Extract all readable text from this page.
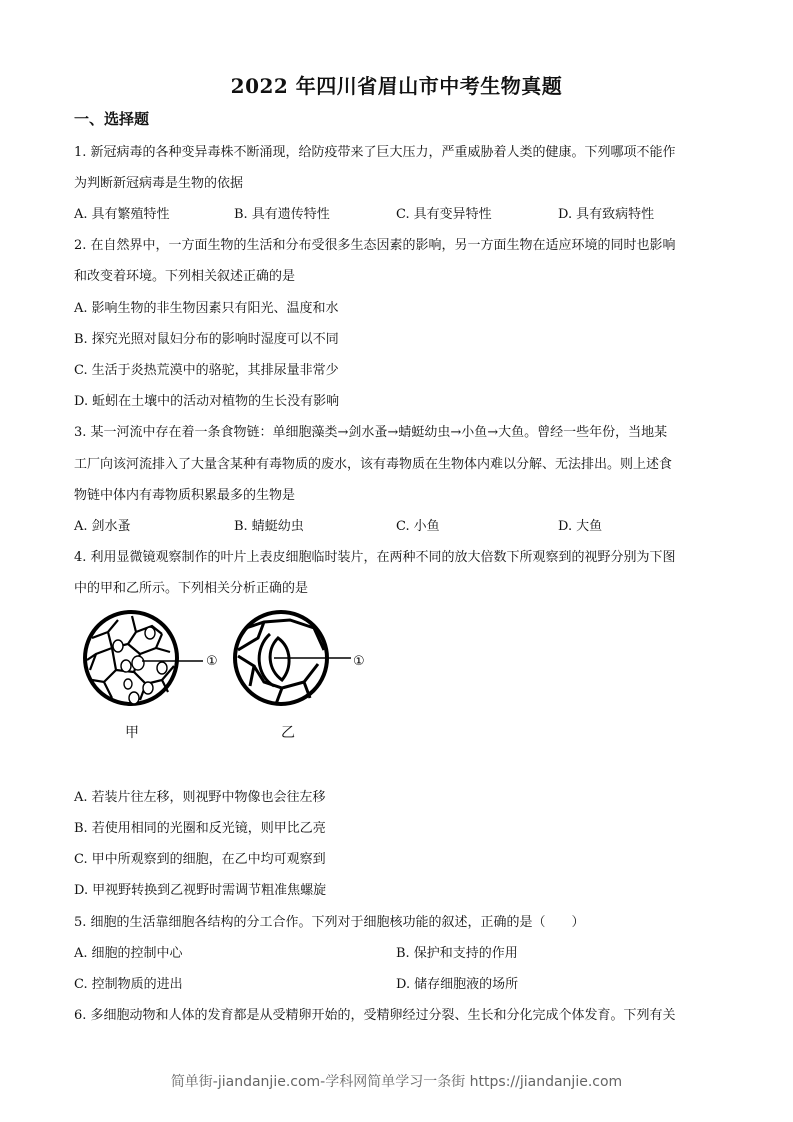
2022 年四川省眉山市中考生物真题
一、选择题
1. 新冠病毒的各种变异毒株不断涌现，给防疫带来了巨大压力，严重威胁着人类的健康。下列哪项不能作
为判断新冠病毒是生物的依据
A. 具有繁殖特性	B. 具有遗传特性	C. 具有变异特性	D. 具有致病特性
2. 在自然界中，一方面生物的生活和分布受很多生态因素的影响，另一方面生物在适应环境的同时也影响
和改变着环境。下列相关叙述正确的是
A. 影响生物的非生物因素只有阳光、温度和水
B. 探究光照对鼠妇分布的影响时湿度可以不同
C. 生活于炎热荒漠中的骆驼，其排尿量非常少
D. 蚯蚓在土壤中的活动对植物的生长没有影响
3. 某一河流中存在着一条食物链：单细胞藻类→剑水蚤→蜻蜓幼虫→小鱼→大鱼。曾经一些年份，当地某
工厂向该河流排入了大量含某种有毒物质的废水，该有毒物质在生物体内难以分解、无法排出。则上述食
物链中体内有毒物质积累最多的生物是
A. 剑水蚤	B. 蜻蜓幼虫	C. 小鱼	D. 大鱼
4. 利用显微镜观察制作的叶片上表皮细胞临时装片，在两种不同的放大倍数下所观察到的视野分别为下图
中的甲和乙所示。下列相关分析正确的是
①	①
甲	乙
A. 若装片往左移，则视野中物像也会往左移
B. 若使用相同的光圈和反光镜，则甲比乙亮
C. 甲中所观察到的细胞，在乙中均可观察到
D. 甲视野转换到乙视野时需调节粗准焦螺旋
5. 细胞的生活靠细胞各结构的分工合作。下列对于细胞核功能的叙述，正确的是（　　）
A. 细胞的控制中心	B. 保护和支持的作用
C. 控制物质的进出	D. 储存细胞液的场所
6. 多细胞动物和人体的发育都是从受精卵开始的，受精卵经过分裂、生长和分化完成个体发育。下列有关
简单街-jiandanjie.com-学科网简单学习一条街 https://jiandanjie.com
